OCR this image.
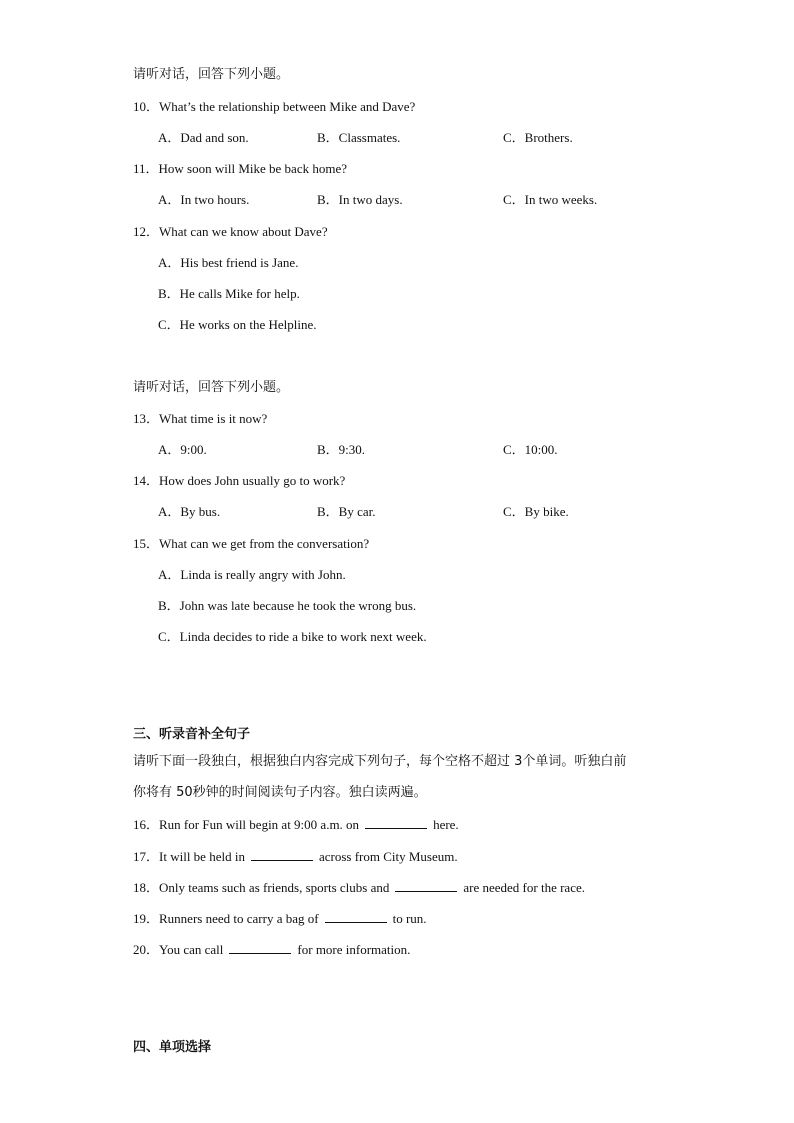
请听对话，回答下列小题。
10．What’s the relationship between Mike and Dave?
A．Dad and son.	B．Classmates.	C．Brothers.
11．How soon will Mike be back home?
A．In two hours.	B．In two days.	C．In two weeks.
12．What can we know about Dave?
A．His best friend is Jane.
B．He calls Mike for help.
C．He works on the Helpline.
请听对话，回答下列小题。
13．What time is it now?
A．9:00.	B．9:30.	C．10:00.
14．How does John usually go to work?
A．By bus.	B．By car.	C．By bike.
15．What can we get from the conversation?
A．Linda is really angry with John.
B．John was late because he took the wrong bus.
C．Linda decides to ride a bike to work next week.
三、听录音补全句子
请听下面一段独白，根据独白内容完成下列句子，每个空格不超过 3个单词。听独白前
你将有 50秒钟的时间阅读句子内容。独白读两遍。
16．Run for Fun will begin at 9:00 a.m. on	here.
17．It will be held in	across from City Museum.
18．Only teams such as friends, sports clubs and	are needed for the race.
19．Runners need to carry a bag of	to run.
20．You can call	for more information.
四、单项选择
